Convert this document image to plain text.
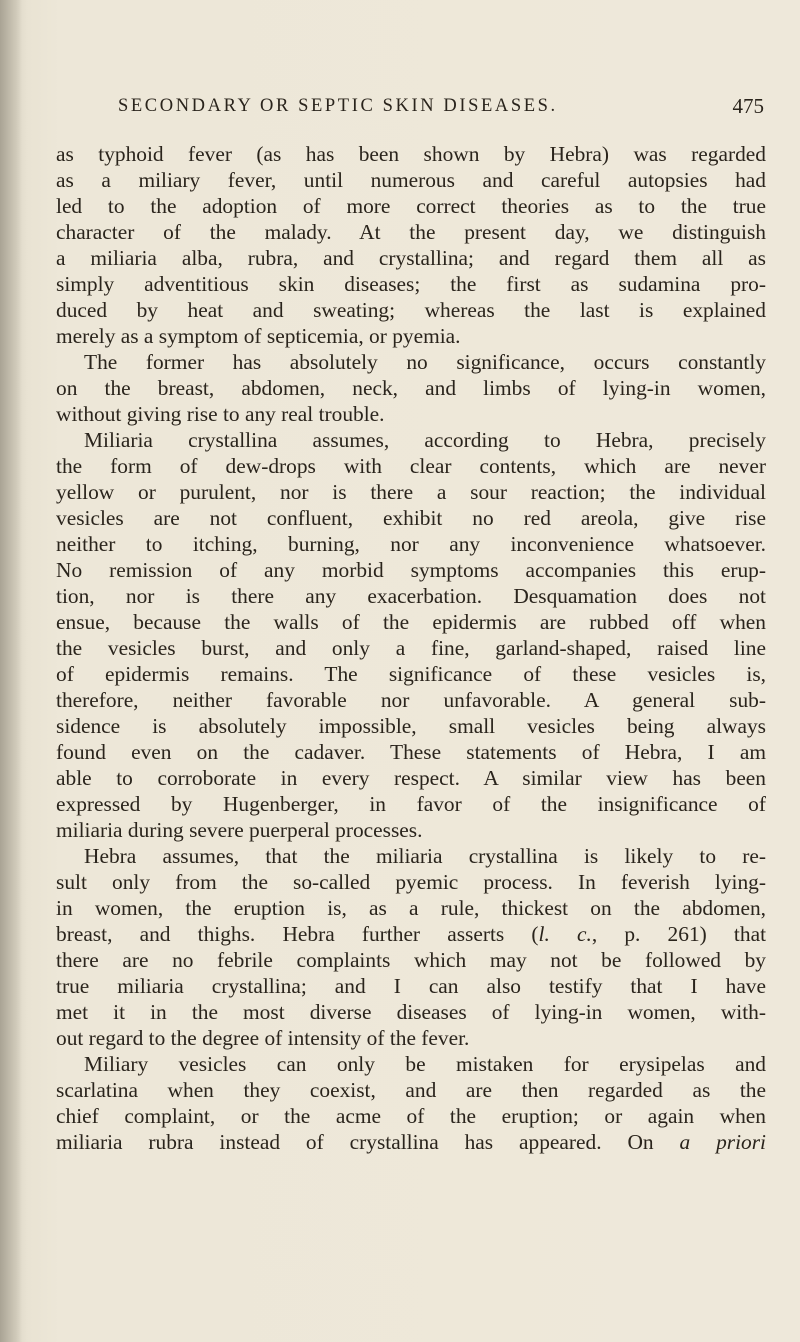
SECONDARY OR SEPTIC SKIN DISEASES.	475
as typhoid fever (as has been shown by Hebra) was regarded
as a miliary fever, until numerous and careful autopsies had
led to the adoption of more correct theories as to the true
character of the malady. At the present day, we distinguish
a miliaria alba, rubra, and crystallina; and regard them all as
simply adventitious skin diseases; the first as sudamina pro-
duced by heat and sweating; whereas the last is explained
merely as a symptom of septicemia, or pyemia.
The former has absolutely no significance, occurs constantly
on the breast, abdomen, neck, and limbs of lying-in women,
without giving rise to any real trouble.
Miliaria crystallina assumes, according to Hebra, precisely
the form of dew-drops with clear contents, which are never
yellow or purulent, nor is there a sour reaction; the individual
vesicles are not confluent, exhibit no red areola, give rise
neither to itching, burning, nor any inconvenience whatsoever.
No remission of any morbid symptoms accompanies this erup-
tion, nor is there any exacerbation. Desquamation does not
ensue, because the walls of the epidermis are rubbed off when
the vesicles burst, and only a fine, garland-shaped, raised line
of epidermis remains. The significance of these vesicles is,
therefore, neither favorable nor unfavorable. A general sub-
sidence is absolutely impossible, small vesicles being always
found even on the cadaver. These statements of Hebra, I am
able to corroborate in every respect. A similar view has been
expressed by Hugenberger, in favor of the insignificance of
miliaria during severe puerperal processes.
Hebra assumes, that the miliaria crystallina is likely to re-
sult only from the so-called pyemic process. In feverish lying-
in women, the eruption is, as a rule, thickest on the abdomen,
breast, and thighs. Hebra further asserts (l. c., p. 261) that
there are no febrile complaints which may not be followed by
true miliaria crystallina; and I can also testify that I have
met it in the most diverse diseases of lying-in women, with-
out regard to the degree of intensity of the fever.
Miliary vesicles can only be mistaken for erysipelas and
scarlatina when they coexist, and are then regarded as the
chief complaint, or the acme of the eruption; or again when
miliaria rubra instead of crystallina has appeared. On a priori
